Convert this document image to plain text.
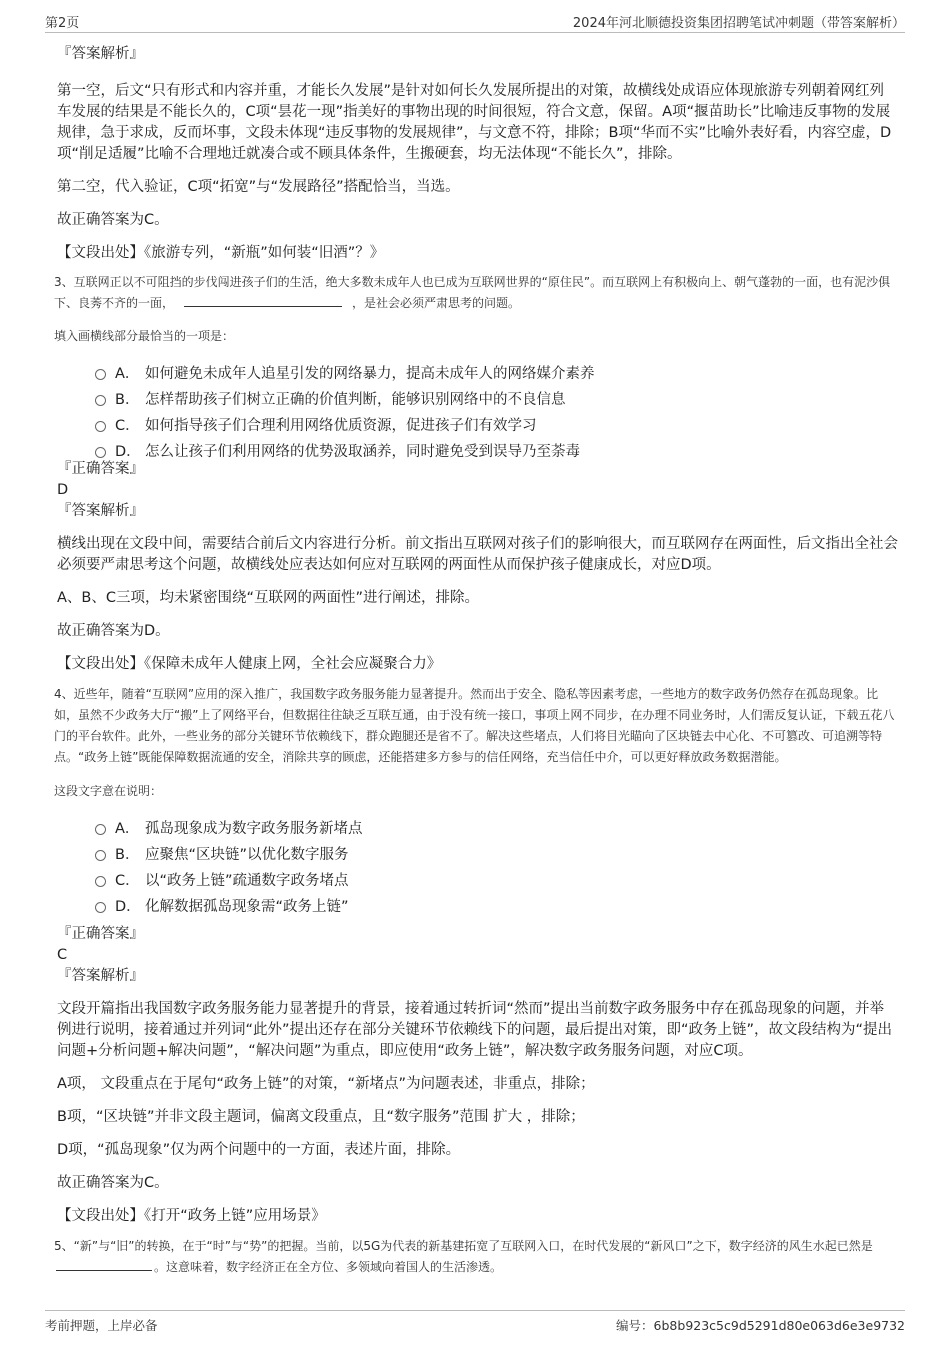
第2页	2024年河北顺德投资集团招聘笔试冲刺题（带答案解析）
『答案解析』
第一空，后文“只有形式和内容并重，才能长久发展”是针对如何长久发展所提出的对策，故横线处成语应体现旅游专列朝着网红列车发展的结果是不能长久的，C项“昙花一现”指美好的事物出现的时间很短，符合文意，保留。A项“揠苗助长”比喻违反事物的发展规律，急于求成，反而坏事，文段未体现“违反事物的发展规律”，与文意不符，排除；B项“华而不实”比喻外表好看，内容空虚，D项“削足适履”比喻不合理地迁就凑合或不顾具体条件，生搬硬套，均无法体现“不能长久”，排除。
第二空，代入验证，C项“拓宽”与“发展路径”搭配恰当，当选。
故正确答案为C。
【文段出处】《旅游专列，“新瓶”如何装“旧酒”？》
3、互联网正以不可阻挡的步伐闯进孩子们的生活，绝大多数未成年人也已成为互联网世界的“原住民”。而互联网上有积极向上、朝气蓬勃的一面，也有泥沙俱下、良莠不齐的一面，	，是社会必须严肃思考的问题。
填入画横线部分最恰当的一项是：
A． 如何避免未成年人追星引发的网络暴力，提高未成年人的网络媒介素养
B． 怎样帮助孩子们树立正确的价值判断，能够识别网络中的不良信息
C． 如何指导孩子们合理利用网络优质资源，促进孩子们有效学习
D． 怎么让孩子们利用网络的优势汲取涵养，同时避免受到误导乃至荼毒
『正确答案』
D
『答案解析』
横线出现在文段中间，需要结合前后文内容进行分析。前文指出互联网对孩子们的影响很大，而互联网存在两面性，后文指出全社会必须要严肃思考这个问题，故横线处应表达如何应对互联网的两面性从而保护孩子健康成长，对应D项。
A、B、C三项，均未紧密围绕“互联网的两面性”进行阐述，排除。
故正确答案为D。
【文段出处】《保障未成年人健康上网，全社会应凝聚合力》
4、近些年，随着“互联网”应用的深入推广，我国数字政务服务能力显著提升。然而出于安全、隐私等因素考虑，一些地方的数字政务仍然存在孤岛现象。比如，虽然不少政务大厅“搬”上了网络平台，但数据往往缺乏互联互通，由于没有统一接口，事项上网不同步，在办理不同业务时，人们需反复认证，下载五花八门的平台软件。此外，一些业务的部分关键环节依赖线下，群众跑腿还是省不了。解决这些堵点，人们将目光瞄向了区块链去中心化、不可篡改、可追溯等特点。“政务上链”既能保障数据流通的安全，消除共享的顾虑，还能搭建多方参与的信任网络，充当信任中介，可以更好释放政务数据潜能。
这段文字意在说明：
A． 孤岛现象成为数字政务服务新堵点
B． 应聚焦“区块链”以优化数字服务
C． 以“政务上链”疏通数字政务堵点
D． 化解数据孤岛现象需“政务上链”
『正确答案』
C
『答案解析』
文段开篇指出我国数字政务服务能力显著提升的背景，接着通过转折词“然而”提出当前数字政务服务中存在孤岛现象的问题，并举例进行说明，接着通过并列词“此外”提出还存在部分关键环节依赖线下的问题，最后提出对策，即“政务上链”，故文段结构为“提出问题+分析问题+解决问题”，“解决问题”为重点，即应使用“政务上链”，解决数字政务服务问题，对应C项。
A项， 文段重点在于尾句“政务上链”的对策，“新堵点”为问题表述，非重点，排除；
B项，“区块链”并非文段主题词，偏离文段重点，且“数字服务”范围 扩大 ，排除；
D项，“孤岛现象”仅为两个问题中的一方面，表述片面，排除。
故正确答案为C。
【文段出处】《打开“政务上链”应用场景》
5、“新”与“旧”的转换，在于“时”与“势”的把握。当前，以5G为代表的新基建拓宽了互联网入口，在时代发展的“新风口”之下，数字经济的风生水起已然是。这意味着，数字经济正在全方位、多领域向着国人的生活渗透。
考前押题，上岸必备	编号：6b8b923c5c9d5291d80e063d6e3e9732
